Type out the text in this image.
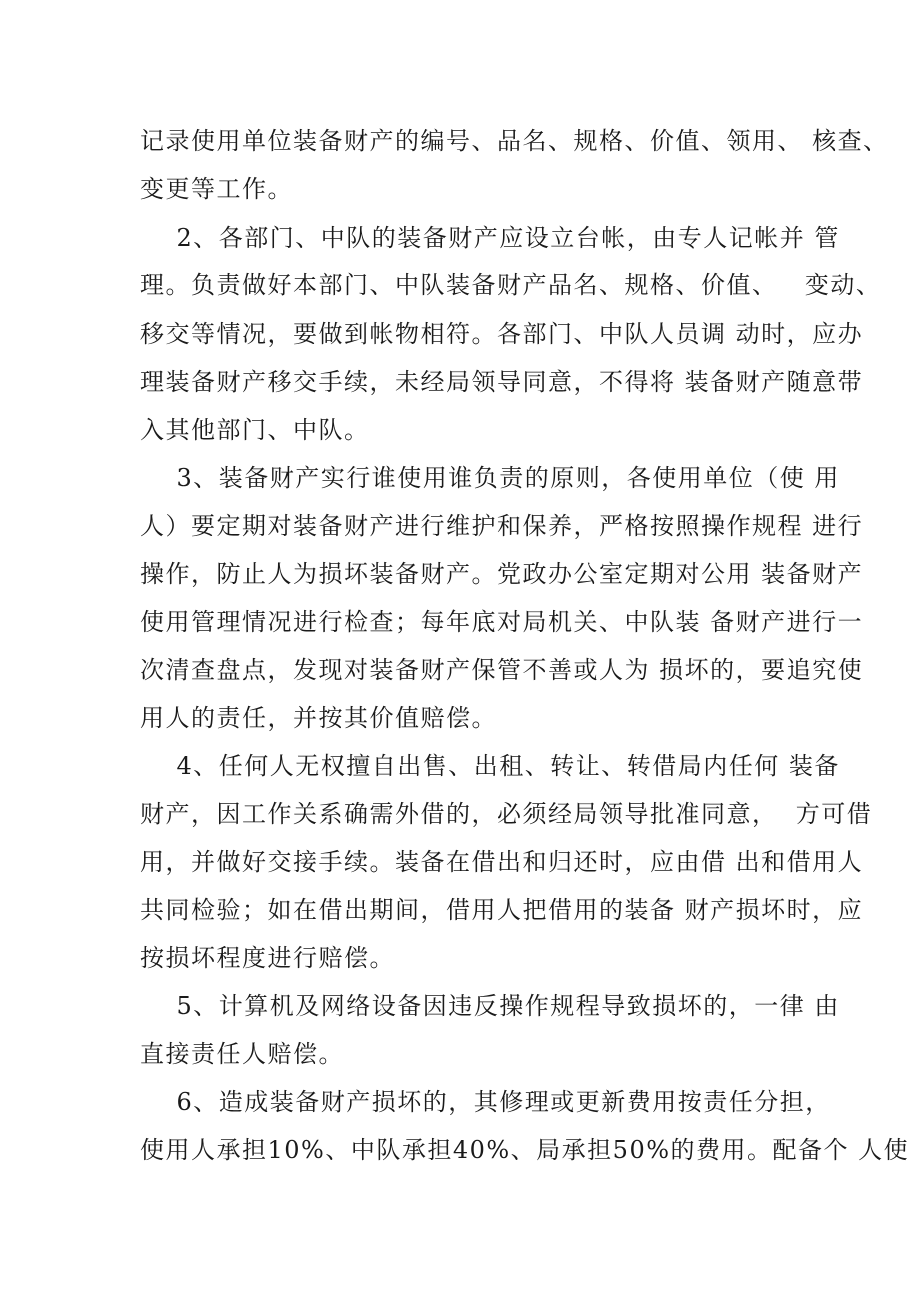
记录使用单位装备财产的编号、品名、规格、价值、领用、 核查、
变更等工作。
2、各部门、中队的装备财产应设立台帐，由专人记帐并 管
理。负责做好本部门、中队装备财产品名、规格、价值、   变动、
移交等情况，要做到帐物相符。各部门、中队人员调 动时，应办
理装备财产移交手续，未经局领导同意，不得将 装备财产随意带
入其他部门、中队。
3、装备财产实行谁使用谁负责的原则，各使用单位（使 用
人）要定期对装备财产进行维护和保养，严格按照操作规程 进行
操作，防止人为损坏装备财产。党政办公室定期对公用 装备财产
使用管理情况进行检查；每年底对局机关、中队装 备财产进行一
次清查盘点，发现对装备财产保管不善或人为 损坏的，要追究使
用人的责任，并按其价值赔偿。
4、任何人无权擅自出售、出租、转让、转借局内任何 装备
财产，因工作关系确需外借的，必须经局领导批准同意，  方可借
用，并做好交接手续。装备在借出和归还时，应由借 出和借用人
共同检验；如在借出期间，借用人把借用的装备 财产损坏时，应
按损坏程度进行赔偿。
5、计算机及网络设备因违反操作规程导致损坏的，一律 由
直接责任人赔偿。
6、造成装备财产损坏的，其修理或更新费用按责任分担，
使用人承担10%、中队承担40%、局承担50%的费用。配备个 人使
